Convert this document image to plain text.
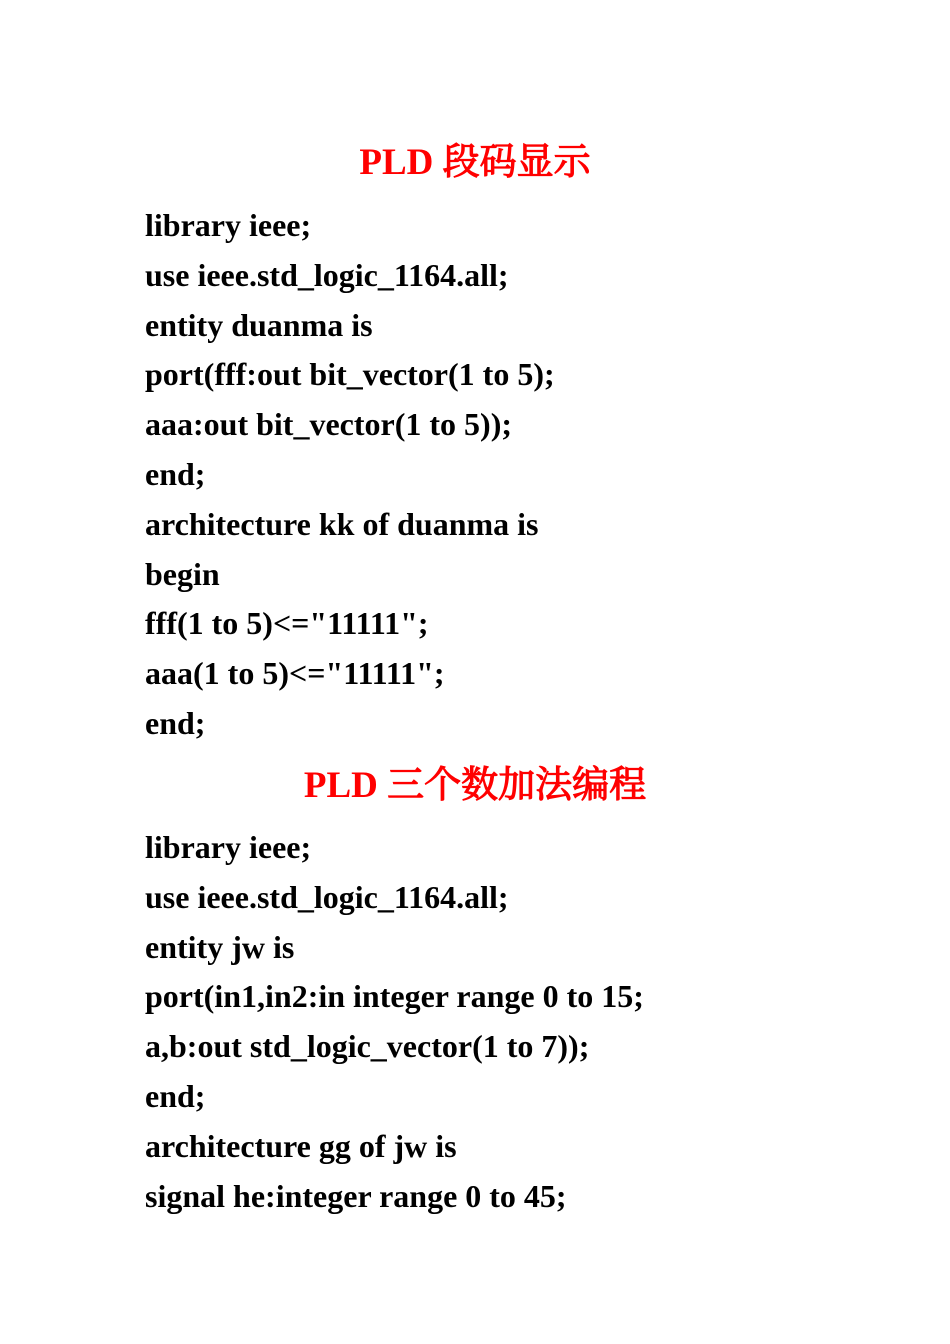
PLD 段码显示
library ieee;
use ieee.std_logic_1164.all;
entity duanma is
port(fff:out bit_vector(1 to 5);
aaa:out bit_vector(1 to 5));
end;
architecture kk of duanma is
begin
fff(1 to 5)<="11111";
aaa(1 to 5)<="11111";
end;
PLD 三个数加法编程
library ieee;
use ieee.std_logic_1164.all;
entity jw is
port(in1,in2:in integer range 0 to 15;
a,b:out std_logic_vector(1 to 7));
end;
architecture gg of jw is
signal he:integer range 0 to 45;
